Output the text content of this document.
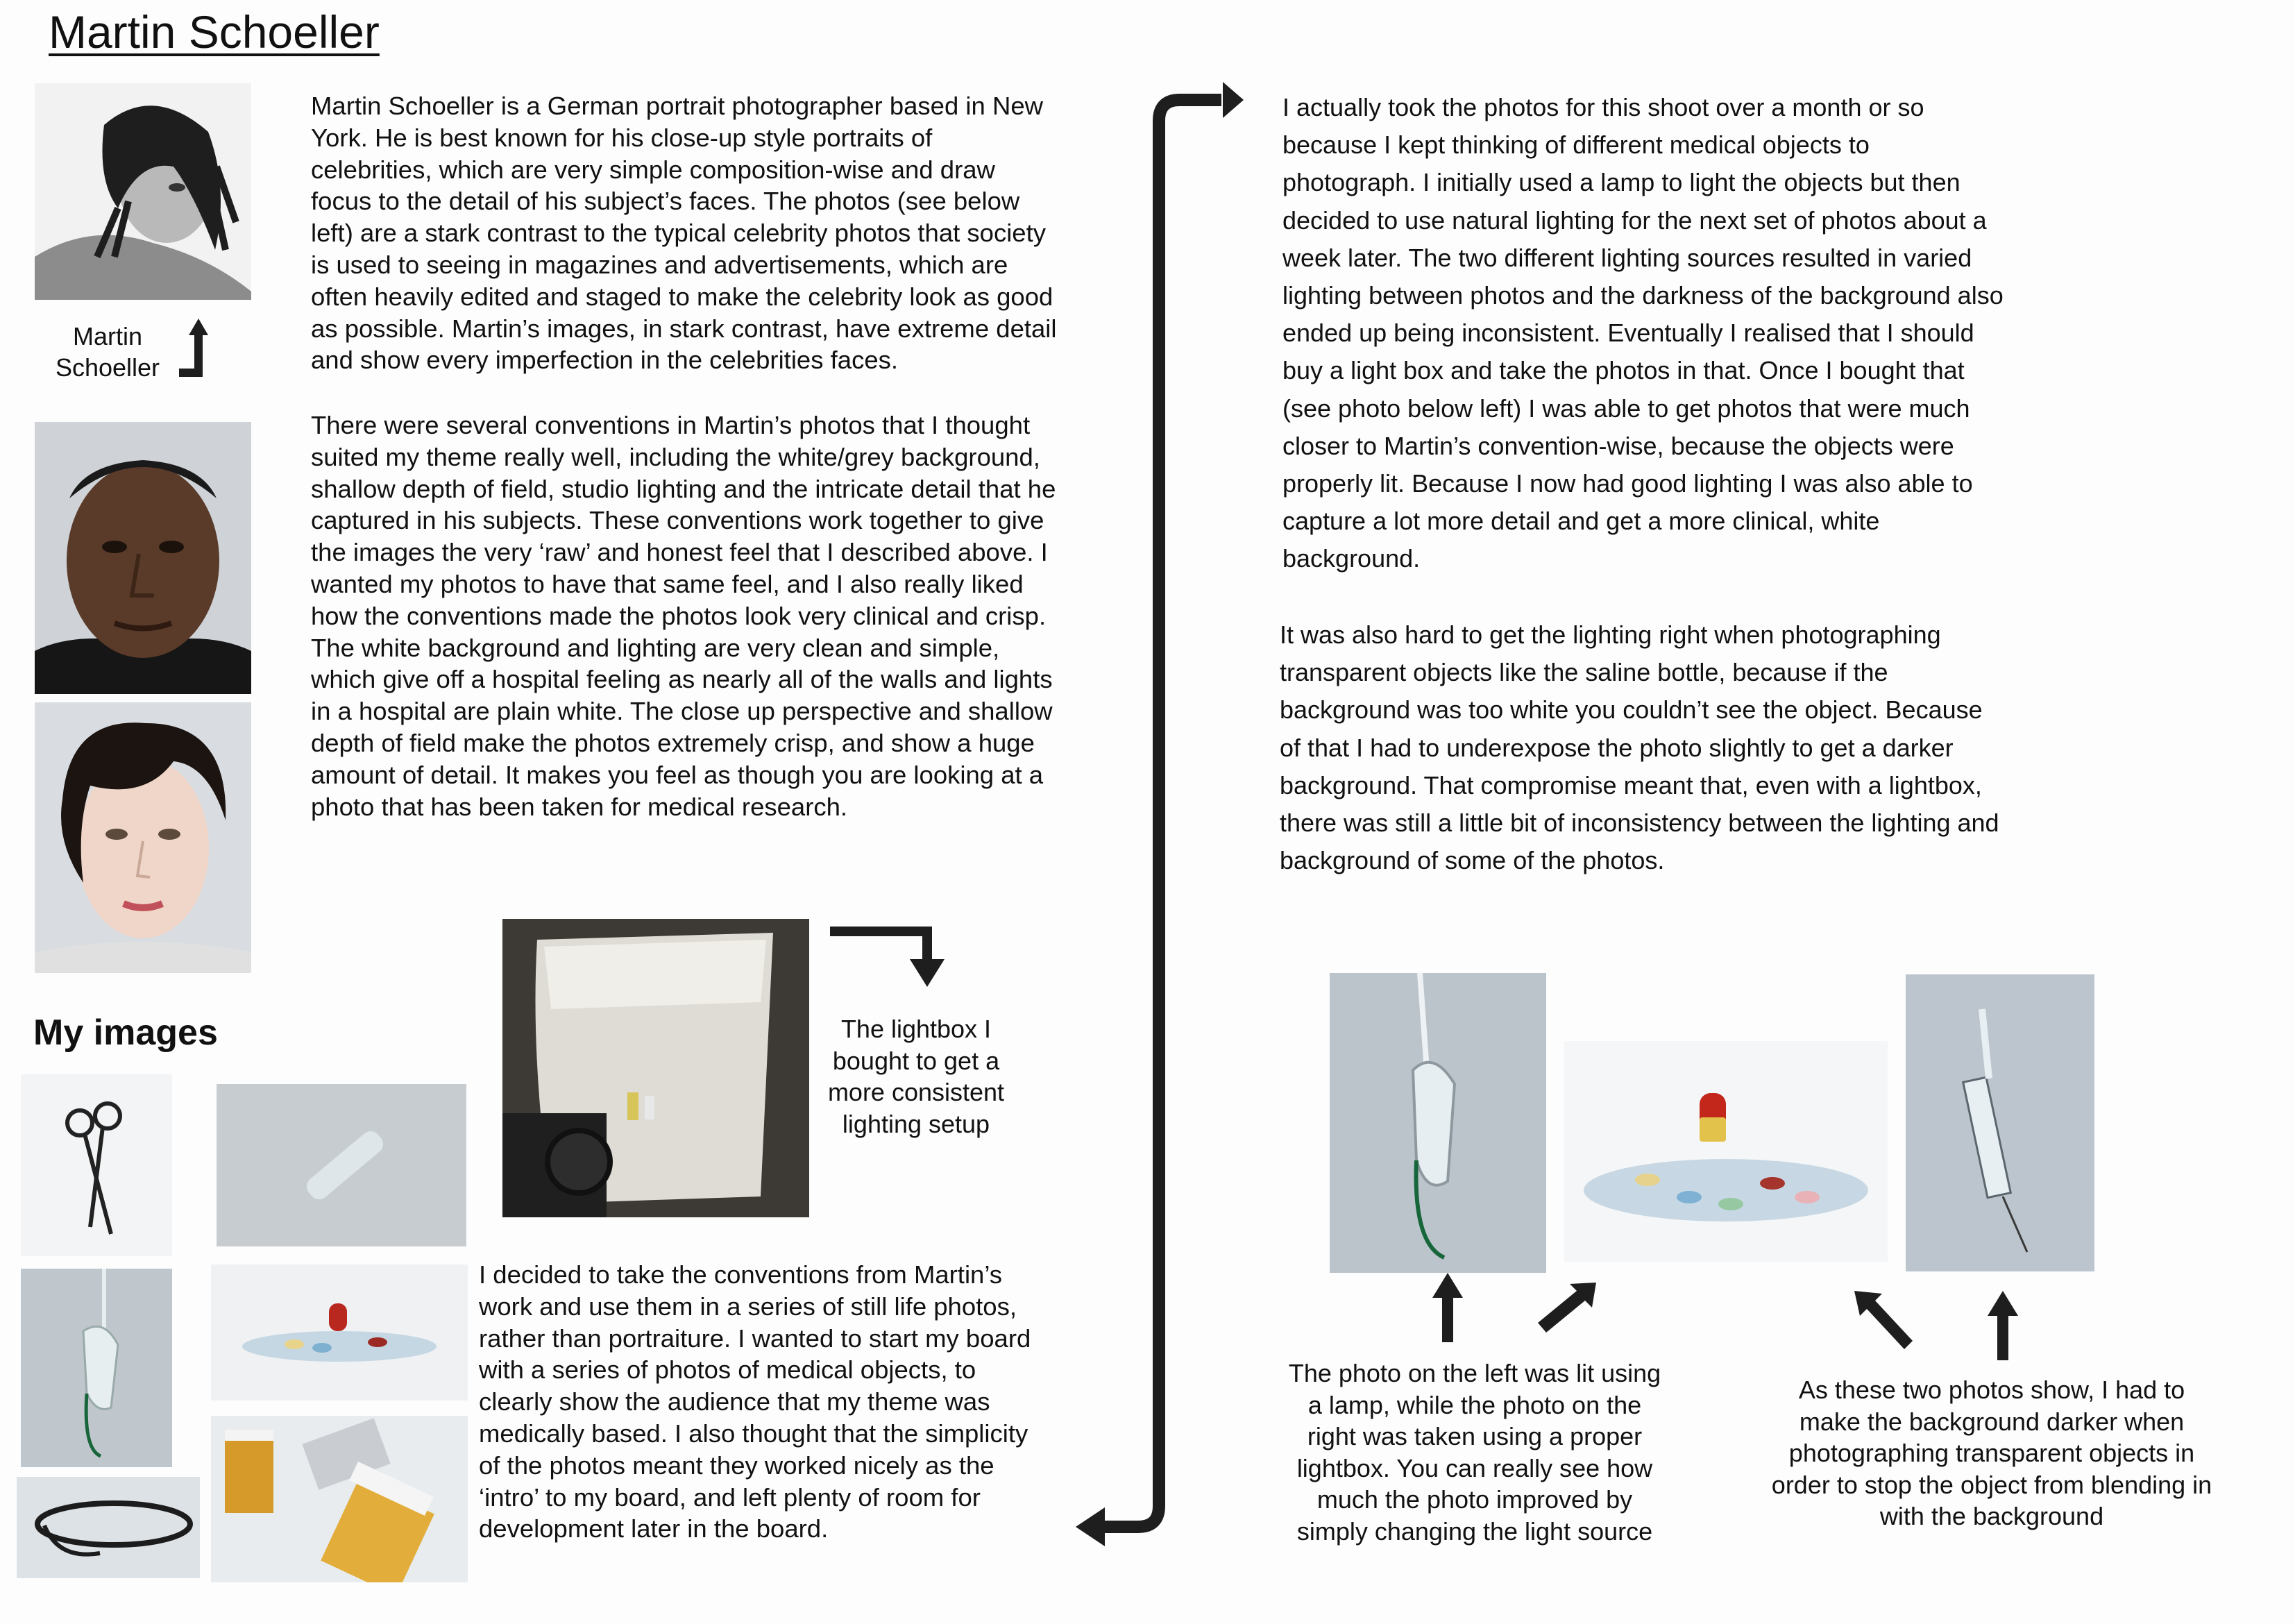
Martin Schoeller
Martin
Schoeller
Martin Schoeller is a German portrait photographer based in New
York. He is best known for his close-up style portraits of
celebrities, which are very simple composition-wise and draw
focus to the detail of his subject’s faces. The photos (see below
left) are a stark contrast to the typical celebrity photos that society
is used to seeing in magazines and advertisements, which are
often heavily edited and staged to make the celebrity look as good
as possible. Martin’s images, in stark contrast, have extreme detail
and show every imperfection in the celebrities faces.
There were several conventions in Martin’s photos that I thought
suited my theme really well, including the white/grey background,
shallow depth of field, studio lighting and the intricate detail that he
captured in his subjects. These conventions work together to give
the images the very ‘raw’ and honest feel that I described above. I
wanted my photos to have that same feel, and I also really liked
how the conventions made the photos look very clinical and crisp.
The white background and lighting are very clean and simple,
which give off a hospital feeling as nearly all of the walls and lights
in a hospital are plain white. The close up perspective and shallow
depth of field make the photos extremely crisp, and show a huge
amount of detail. It makes you feel as though you are looking at a
photo that has been taken for medical research.
My images	The lightbox I
bought to get a
more consistent
lighting setup
I decided to take the conventions from Martin’s
work and use them in a series of still life photos,
rather than portraiture. I wanted to start my board
with a series of photos of medical objects, to
clearly show the audience that my theme was
medically based. I also thought that the simplicity
of the photos meant they worked nicely as the
‘intro’ to my board, and left plenty of room for
development later in the board.
I actually took the photos for this shoot over a month or so
because I kept thinking of different medical objects to
photograph. I initially used a lamp to light the objects but then
decided to use natural lighting for the next set of photos about a
week later. The two different lighting sources resulted in varied
lighting between photos and the darkness of the background also
ended up being inconsistent. Eventually I realised that I should
buy a light box and take the photos in that. Once I bought that
(see photo below left) I was able to get photos that were much
closer to Martin’s convention-wise, because the objects were
properly lit. Because I now had good lighting I was also able to
capture a lot more detail and get a more clinical, white
background.
It was also hard to get the lighting right when photographing
transparent objects like the saline bottle, because if the
background was too white you couldn’t see the object. Because
of that I had to underexpose the photo slightly to get a darker
background. That compromise meant that, even with a lightbox,
there was still a little bit of inconsistency between the lighting and
background of some of the photos.
The photo on the left was lit using
a lamp, while the photo on the
right was taken using a proper
lightbox. You can really see how
much the photo improved by
simply changing the light source
As these two photos show, I had to
make the background darker when
photographing transparent objects in
order to stop the object from blending in
with the background
